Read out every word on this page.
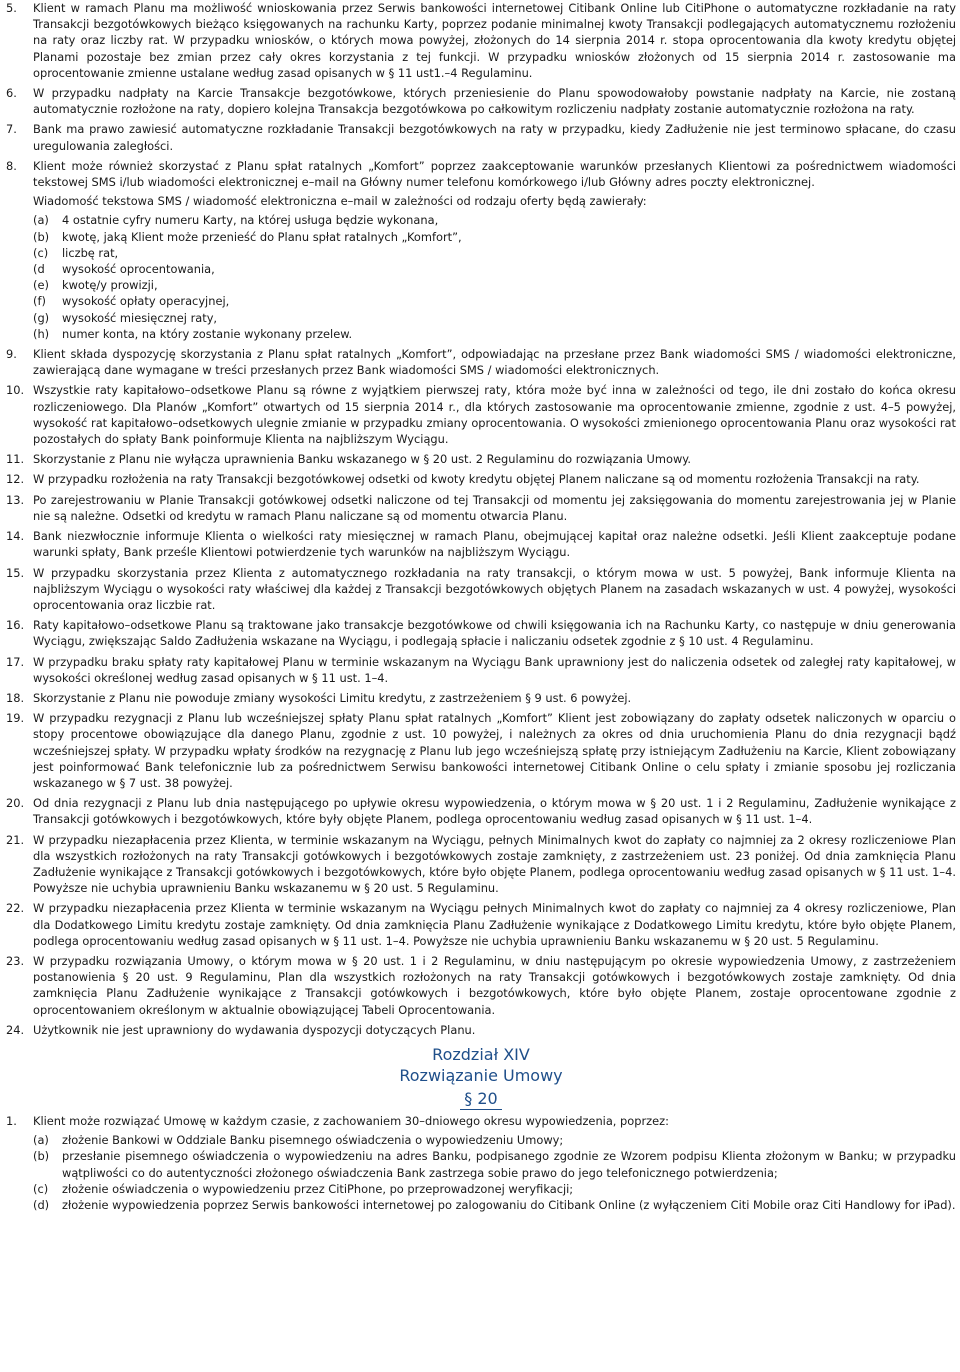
5.	Klient w ramach Planu ma możliwość wnioskowania przez Serwis bankowości internetowej Citibank Online lub CitiPhone o automatyczne rozkładanie na raty Transakcji bezgotówkowych bieżąco księgowanych na rachunku Karty, poprzez podanie minimalnej kwoty Transakcji podlegających automatycznemu rozłożeniu na raty oraz liczby rat. W przypadku wniosków, o których mowa powyżej, złożonych do 14 sierpnia 2014 r. stopa oprocentowania dla kwoty kredytu objętej Planami pozostaje bez zmian przez cały okres korzystania z tej funkcji. W przypadku wniosków złożonych od 15 sierpnia 2014 r. zastosowanie ma oprocentowanie zmienne ustalane według zasad opisanych w § 11 ust1.–4 Regulaminu.
6.	W przypadku nadpłaty na Karcie Transakcje bezgotówkowe, których przeniesienie do Planu spowodowałoby powstanie nadpłaty na Karcie, nie zostaną automatycznie rozłożone na raty, dopiero kolejna Transakcja bezgotówkowa po całkowitym rozliczeniu nadpłaty zostanie automatycznie rozłożona na raty.
7.	Bank ma prawo zawiesić automatyczne rozkładanie Transakcji bezgotówkowych na raty w przypadku, kiedy Zadłużenie nie jest terminowo spłacane, do czasu uregulowania zaległości.
8.	Klient może również skorzystać z Planu spłat ratalnych „Komfort” poprzez zaakceptowanie warunków przesłanych Klientowi za pośrednictwem wiadomości tekstowej SMS i/lub wiadomości elektronicznej e–mail na Główny numer telefonu komórkowego i/lub Główny adres poczty elektronicznej.
Wiadomość tekstowa SMS / wiadomość elektroniczna e–mail w zależności od rodzaju oferty będą zawierały:
(a)	4 ostatnie cyfry numeru Karty, na której usługa będzie wykonana,
(b)	kwotę, jaką Klient może przenieść do Planu spłat ratalnych „Komfort”,
(c)	liczbę rat,
(d	wysokość oprocentowania,
(e)	kwotę/y prowizji,
(f)	wysokość opłaty operacyjnej,
(g)	wysokość miesięcznej raty,
(h)	numer konta, na który zostanie wykonany przelew.
9.	Klient składa dyspozycję skorzystania z Planu spłat ratalnych „Komfort”, odpowiadając na przesłane przez Bank wiadomości SMS / wiadomości elektroniczne, zawierającą dane wymagane w treści przesłanych przez Bank wiadomości SMS / wiadomości elektronicznych.
10. Wszystkie raty kapitałowo–odsetkowe Planu są równe z wyjątkiem pierwszej raty, która może być inna w zależności od tego, ile dni zostało do końca okresu rozliczeniowego. Dla Planów „Komfort” otwartych od 15 sierpnia 2014 r., dla których zastosowanie ma oprocentowanie zmienne, zgodnie z ust. 4–5 powyżej, wysokość rat kapitałowo–odsetkowych ulegnie zmianie w przypadku zmiany oprocentowania. O wysokości zmienionego oprocentowania Planu oraz wysokości rat pozostałych do spłaty Bank poinformuje Klienta na najbliższym Wyciągu.
11. Skorzystanie z Planu nie wyłącza uprawnienia Banku wskazanego w § 20 ust. 2 Regulaminu do rozwiązania Umowy.
12. W przypadku rozłożenia na raty Transakcji bezgotówkowej odsetki od kwoty kredytu objętej Planem naliczane są od momentu rozłożenia Transakcji na raty.
13. Po zarejestrowaniu w Planie Transakcji gotówkowej odsetki naliczone od tej Transakcji od momentu jej zaksięgowania do momentu zarejestrowania jej w Planie nie są należne. Odsetki od kredytu w ramach Planu naliczane są od momentu otwarcia Planu.
14. Bank niezwłocznie informuje Klienta o wielkości raty miesięcznej w ramach Planu, obejmującej kapitał oraz należne odsetki. Jeśli Klient zaakceptuje podane warunki spłaty, Bank prześle Klientowi potwierdzenie tych warunków na najbliższym Wyciągu.
15. W przypadku skorzystania przez Klienta z automatycznego rozkładania na raty transakcji, o którym mowa w ust. 5 powyżej, Bank informuje Klienta na najbliższym Wyciągu o wysokości raty właściwej dla każdej z Transakcji bezgotówkowych objętych Planem na zasadach wskazanych w ust. 4 powyżej, wysokości oprocentowania oraz liczbie rat.
16. Raty kapitałowo–odsetkowe Planu są traktowane jako transakcje bezgotówkowe od chwili księgowania ich na Rachunku Karty, co następuje w dniu generowania Wyciągu, zwiększając Saldo Zadłużenia wskazane na Wyciągu, i podlegają spłacie i naliczaniu odsetek zgodnie z § 10 ust. 4 Regulaminu.
17. W przypadku braku spłaty raty kapitałowej Planu w terminie wskazanym na Wyciągu Bank uprawniony jest do naliczenia odsetek od zaległej raty kapitałowej, w wysokości określonej według zasad opisanych w § 11 ust. 1–4.
18. Skorzystanie z Planu nie powoduje zmiany wysokości Limitu kredytu, z zastrzeżeniem § 9 ust. 6 powyżej.
19. W przypadku rezygnacji z Planu lub wcześniejszej spłaty Planu spłat ratalnych „Komfort” Klient jest zobowiązany do zapłaty odsetek naliczonych w oparciu o stopy procentowe obowiązujące dla danego Planu, zgodnie z ust. 10 powyżej, i należnych za okres od dnia uruchomienia Planu do dnia rezygnacji bądź wcześniejszej spłaty. W przypadku wpłaty środków na rezygnację z Planu lub jego wcześniejszą spłatę przy istniejącym Zadłużeniu na Karcie, Klient zobowiązany jest poinformować Bank telefonicznie lub za pośrednictwem Serwisu bankowości internetowej Citibank Online o celu spłaty i zmianie sposobu jej rozliczania wskazanego w § 7 ust. 38 powyżej.
20. Od dnia rezygnacji z Planu lub dnia następującego po upływie okresu wypowiedzenia, o którym mowa w § 20 ust. 1 i 2 Regulaminu, Zadłużenie wynikające z Transakcji gotówkowych i bezgotówkowych, które były objęte Planem, podlega oprocentowaniu według zasad opisanych w § 11 ust. 1–4.
21. W przypadku niezapłacenia przez Klienta, w terminie wskazanym na Wyciągu, pełnych Minimalnych kwot do zapłaty co najmniej za 2 okresy rozliczeniowe Plan dla wszystkich rozłożonych na raty Transakcji gotówkowych i bezgotówkowych zostaje zamknięty, z zastrzeżeniem ust. 23 poniżej. Od dnia zamknięcia Planu Zadłużenie wynikające z Transakcji gotówkowych i bezgotówkowych, które było objęte Planem, podlega oprocentowaniu według zasad opisanych w § 11 ust. 1–4. Powyższe nie uchybia uprawnieniu Banku wskazanemu w § 20 ust. 5 Regulaminu.
22. W przypadku niezapłacenia przez Klienta w terminie wskazanym na Wyciągu pełnych Minimalnych kwot do zapłaty co najmniej za 4 okresy rozliczeniowe, Plan dla Dodatkowego Limitu kredytu zostaje zamknięty. Od dnia zamknięcia Planu Zadłużenie wynikające z Dodatkowego Limitu kredytu, które było objęte Planem, podlega oprocentowaniu według zasad opisanych w § 11 ust. 1–4. Powyższe nie uchybia uprawnieniu Banku wskazanemu w § 20 ust. 5 Regulaminu.
23. W przypadku rozwiązania Umowy, o którym mowa w § 20 ust. 1 i 2 Regulaminu, w dniu następującym po okresie wypowiedzenia Umowy, z zastrzeżeniem postanowienia § 20 ust. 9 Regulaminu, Plan dla wszystkich rozłożonych na raty Transakcji gotówkowych i bezgotówkowych zostaje zamknięty. Od dnia zamknięcia Planu Zadłużenie wynikające z Transakcji gotówkowych i bezgotówkowych, które było objęte Planem, zostaje oprocentowane zgodnie z oprocentowaniem określonym w aktualnie obowiązującej Tabeli Oprocentowania.
24. Użytkownik nie jest uprawniony do wydawania dyspozycji dotyczących Planu.
Rozdział XIV
Rozwiązanie Umowy
§ 20
1.	Klient może rozwiązać Umowę w każdym czasie, z zachowaniem 30–dniowego okresu wypowiedzenia, poprzez:
(a)	złożenie Bankowi w Oddziale Banku pisemnego oświadczenia o wypowiedzeniu Umowy;
(b)	przesłanie pisemnego oświadczenia o wypowiedzeniu na adres Banku, podpisanego zgodnie ze Wzorem podpisu Klienta złożonym w Banku; w przypadku wątpliwości co do autentyczności złożonego oświadczenia Bank zastrzega sobie prawo do jego telefonicznego potwierdzenia;
(c)	złożenie oświadczenia o wypowiedzeniu przez CitiPhone, po przeprowadzonej weryfikacji;
(d)	złożenie wypowiedzenia poprzez Serwis bankowości internetowej po zalogowaniu do Citibank Online (z wyłączeniem Citi Mobile oraz Citi Handlowy for iPad).
